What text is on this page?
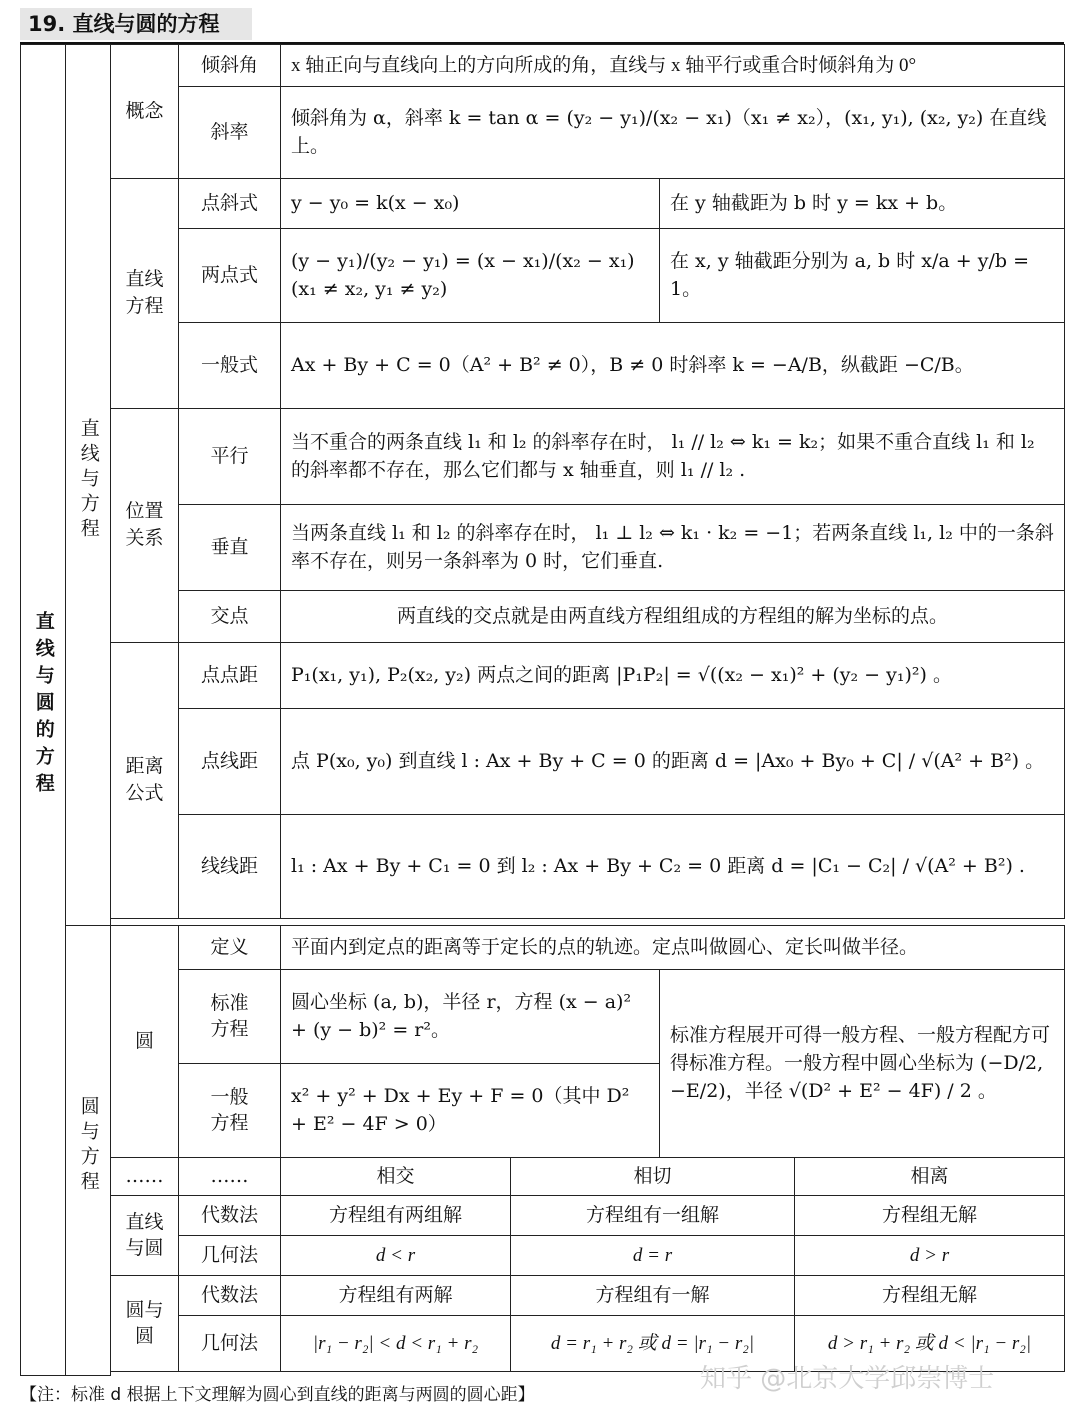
19. 直线与圆的方程
直线与圆的方程	直线与方程	概念	倾斜角	x 轴正向与直线向上的方向所成的角，直线与 x 轴平行或重合时倾斜角为 0°			
			斜率	倾斜角为 α，斜率 k = tan α = (y₂ − y₁)/(x₂ − x₁)（x₁ ≠ x₂），(x₁, y₁), (x₂, y₂) 在直线上。			
		直线方程	点斜式	y − y₀ = k(x − x₀)		在 y 轴截距为 b 时 y = kx + b。	
			两点式	(y − y₁)/(y₂ − y₁) = (x − x₁)/(x₂ − x₁) (x₁ ≠ x₂, y₁ ≠ y₂)		在 x, y 轴截距分别为 a, b 时 x/a + y/b = 1。	
			一般式	Ax + By + C = 0（A² + B² ≠ 0），B ≠ 0 时斜率 k = −A/B，纵截距 −C/B。			
		位置关系	平行	当不重合的两条直线 l₁ 和 l₂ 的斜率存在时， l₁ // l₂ ⇔ k₁ = k₂；如果不重合直线 l₁ 和 l₂ 的斜率都不存在，那么它们都与 x 轴垂直，则 l₁ // l₂ .			
			垂直	当两条直线 l₁ 和 l₂ 的斜率存在时， l₁ ⊥ l₂ ⇔ k₁ · k₂ = −1；若两条直线 l₁, l₂ 中的一条斜率不存在，则另一条斜率为 0 时，它们垂直.			
			交点	两直线的交点就是由两直线方程组组成的方程组的解为坐标的点。			
		距离公式	点点距	P₁(x₁, y₁), P₂(x₂, y₂) 两点之间的距离 |P₁P₂| = √((x₂ − x₁)² + (y₂ − y₁)²) 。			
			点线距	点 P(x₀, y₀) 到直线 l : Ax + By + C = 0 的距离 d = |Ax₀ + By₀ + C| / √(A² + B²) 。			
			线线距	l₁ : Ax + By + C₁ = 0 到 l₂ : Ax + By + C₂ = 0 距离 d = |C₁ − C₂| / √(A² + B²) .			

	圆与方程	圆	定义	平面内到定点的距离等于定长的点的轨迹。定点叫做圆心、定长叫做半径。			
			标准方程	圆心坐标 (a, b)，半径 r，方程 (x − a)² + (y − b)² = r²。		标准方程展开可得一般方程、一般方程配方可得标准方程。一般方程中圆心坐标为 (−D/2, −E/2)，半径 √(D² + E² − 4F) / 2 。	
			一般方程	x² + y² + Dx + Ey + F = 0（其中 D² + E² − 4F > 0）			
		……	……	相交	相切		相离
		直线与圆	代数法	方程组有两组解	方程组有一组解		方程组无解
			几何法	d < r	d = r		d > r
		圆与圆	代数法	方程组有两解	方程组有一解		方程组无解
			几何法	|r₁ − r₂| < d < r₁ + r₂	d = r₁ + r₂ 或 d = |r₁ − r₂|		d > r₁ + r₂ 或 d < |r₁ − r₂|

知乎 @北京大学邱崇博士
【注：标准 d 根据上下文理解为圆心到直线的距离与两圆的圆心距】
